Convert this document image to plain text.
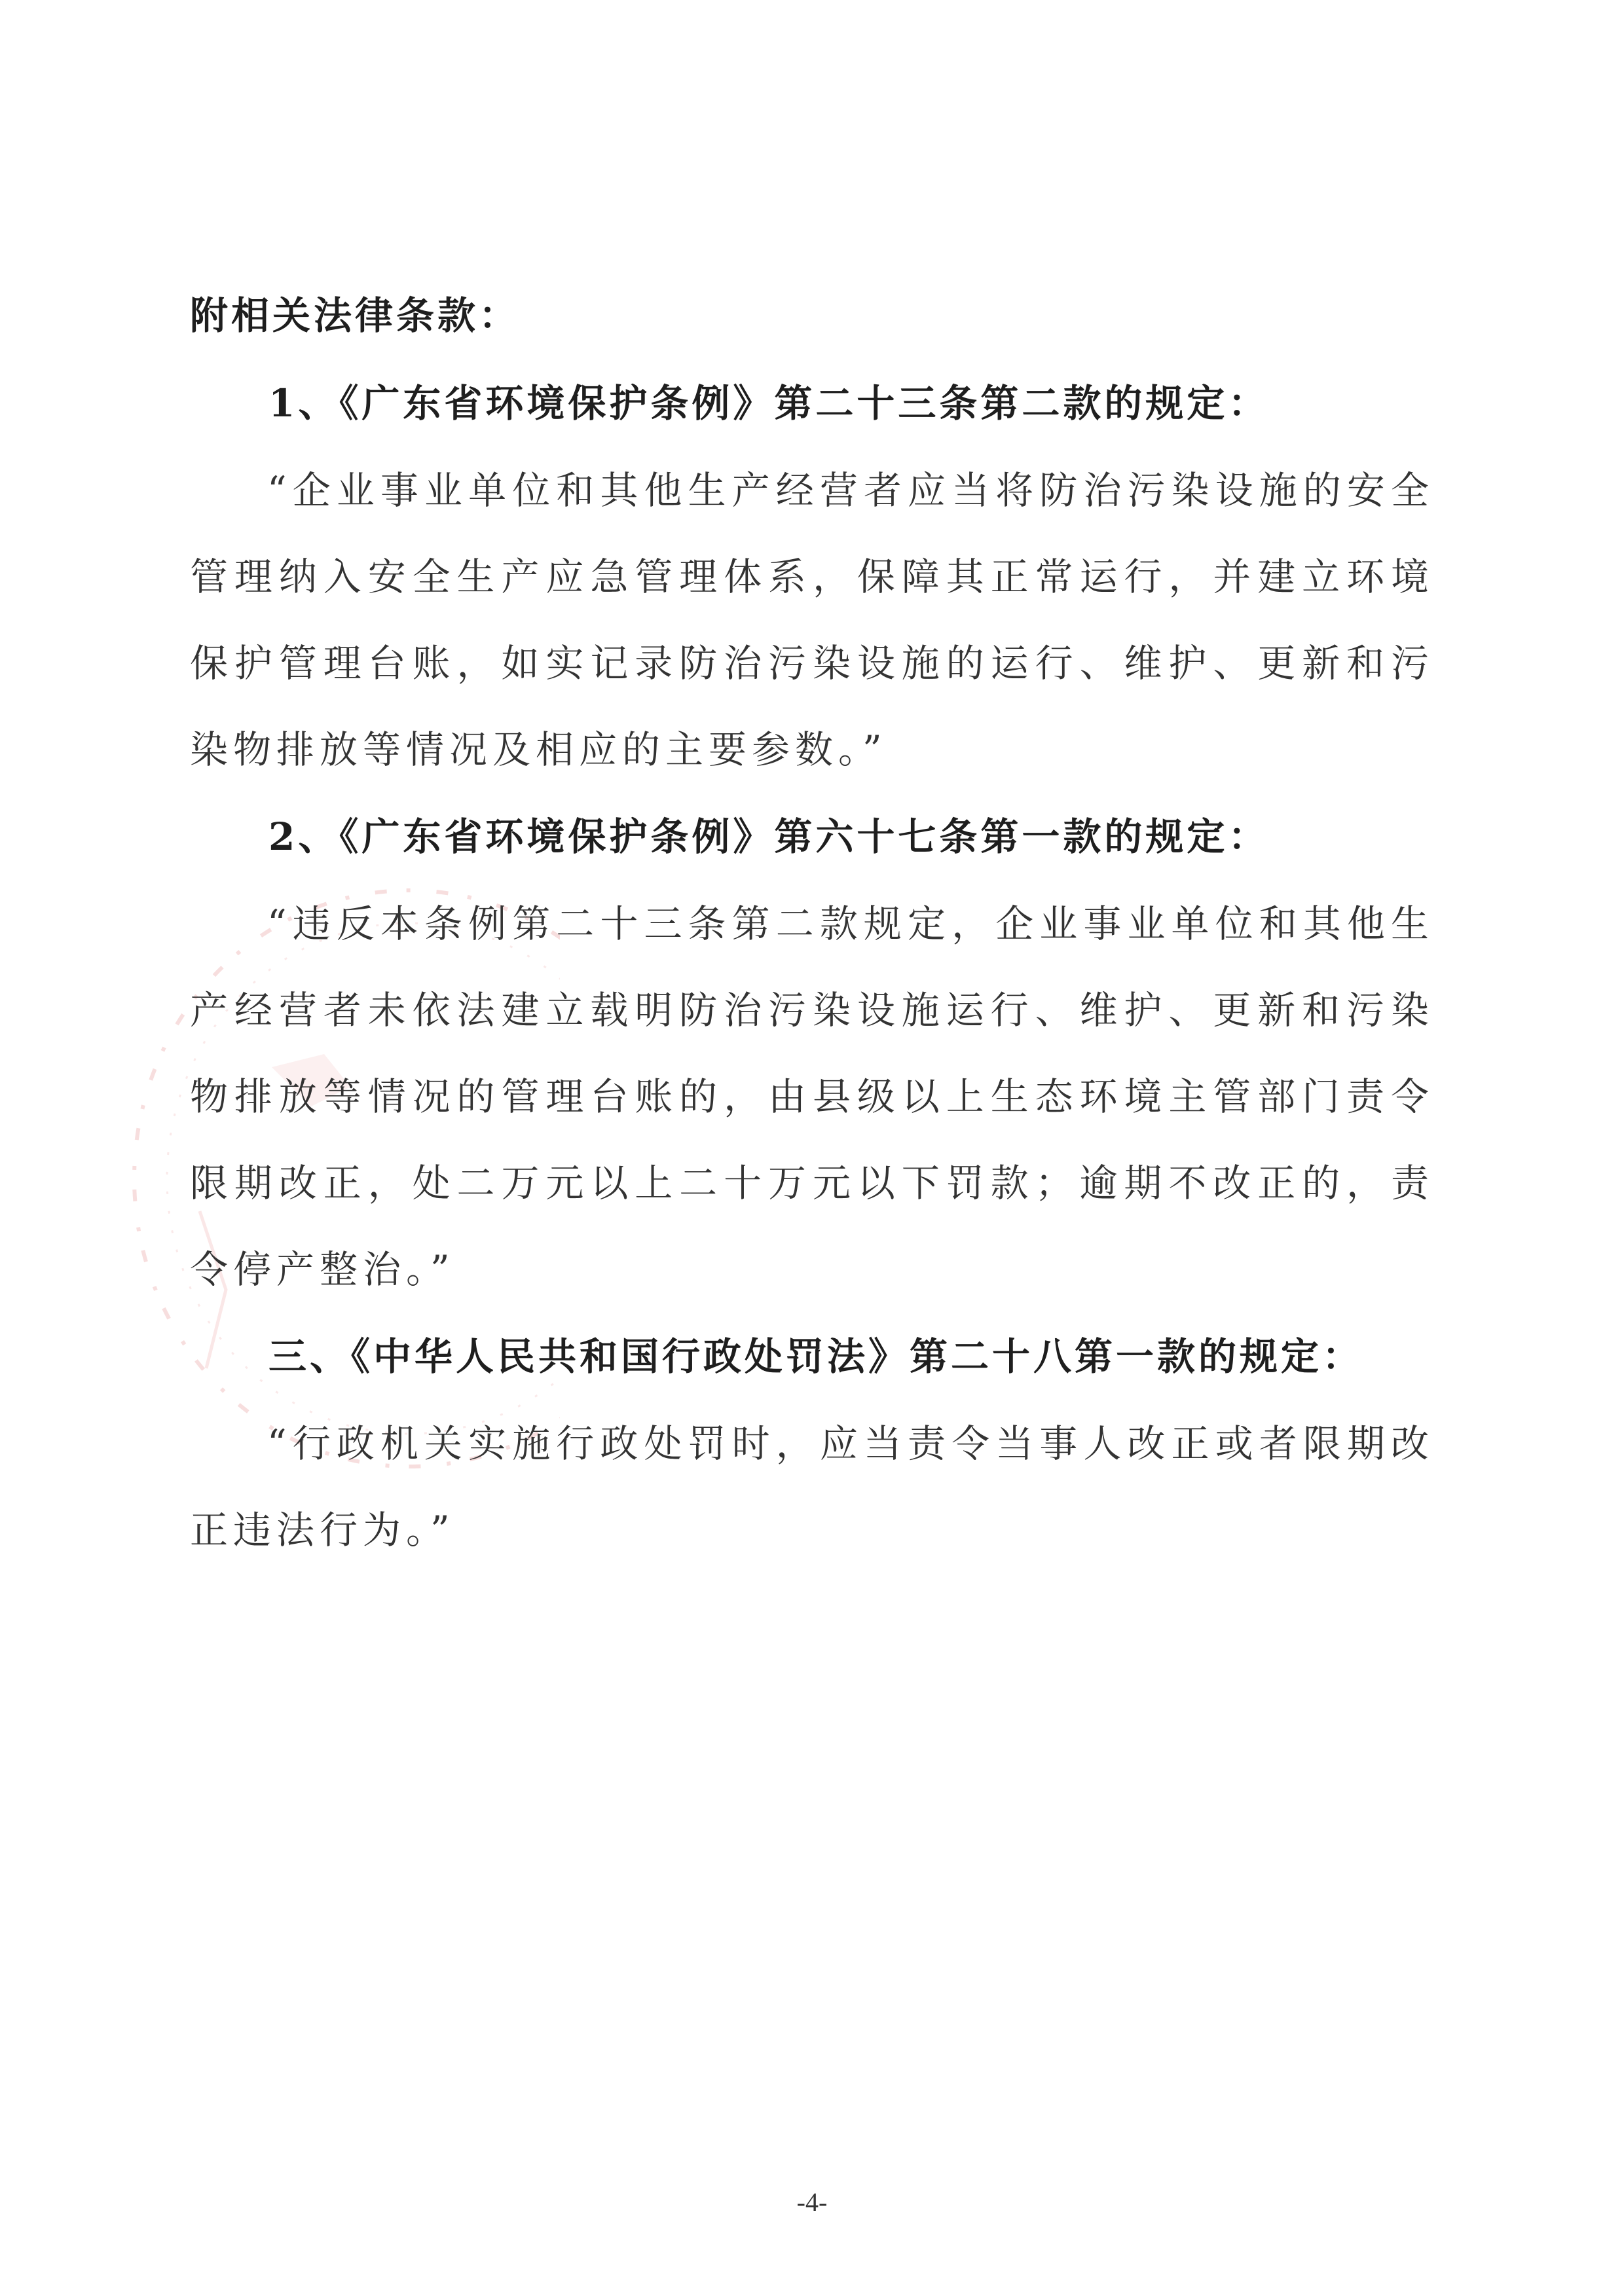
附相关法律条款：
1、《广东省环境保护条例》第二十三条第二款的规定：

“企业事业单位和其他生产经营者应当将防治污染设施的安全管理纳入安全生产应急管理体系，保障其正常运行，并建立环境保护管理台账，如实记录防治污染设施的运行、维护、更新和污染物排放等情况及相应的主要参数。”

2、《广东省环境保护条例》第六十七条第一款的规定：

“违反本条例第二十三条第二款规定，企业事业单位和其他生产经营者未依法建立载明防治污染设施运行、维护、更新和污染物排放等情况的管理台账的，由县级以上生态环境主管部门责令限期改正，处二万元以上二十万元以下罚款；逾期不改正的，责令停产整治。”

三、《中华人民共和国行政处罚法》第二十八第一款的规定：

“行政机关实施行政处罚时，应当责令当事人改正或者限期改正违法行为。”

-4-
